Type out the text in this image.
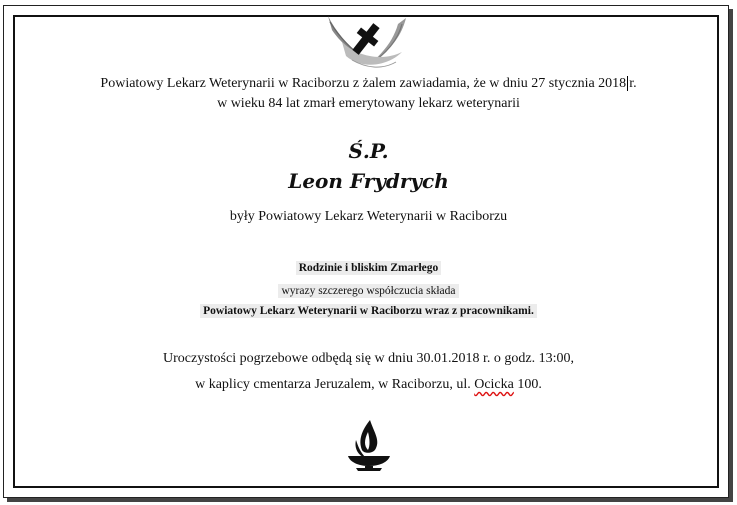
Powiatowy Lekarz Weterynarii w Raciborzu z żalem zawiadamia, że w dniu 27 stycznia 2018 r.
w wieku 84 lat zmarł emerytowany lekarz weterynarii
Ś.P.
Leon Frydrych
były Powiatowy Lekarz Weterynarii w Raciborzu
Rodzinie i bliskim Zmarłego
wyrazy szczerego współczucia składa
Powiatowy Lekarz Weterynarii w Raciborzu wraz z pracownikami.
Uroczystości pogrzebowe odbędą się w dniu 30.01.2018 r. o godz. 13:00,
w kaplicy cmentarza Jeruzalem, w Raciborzu, ul. Ocicka 100.
